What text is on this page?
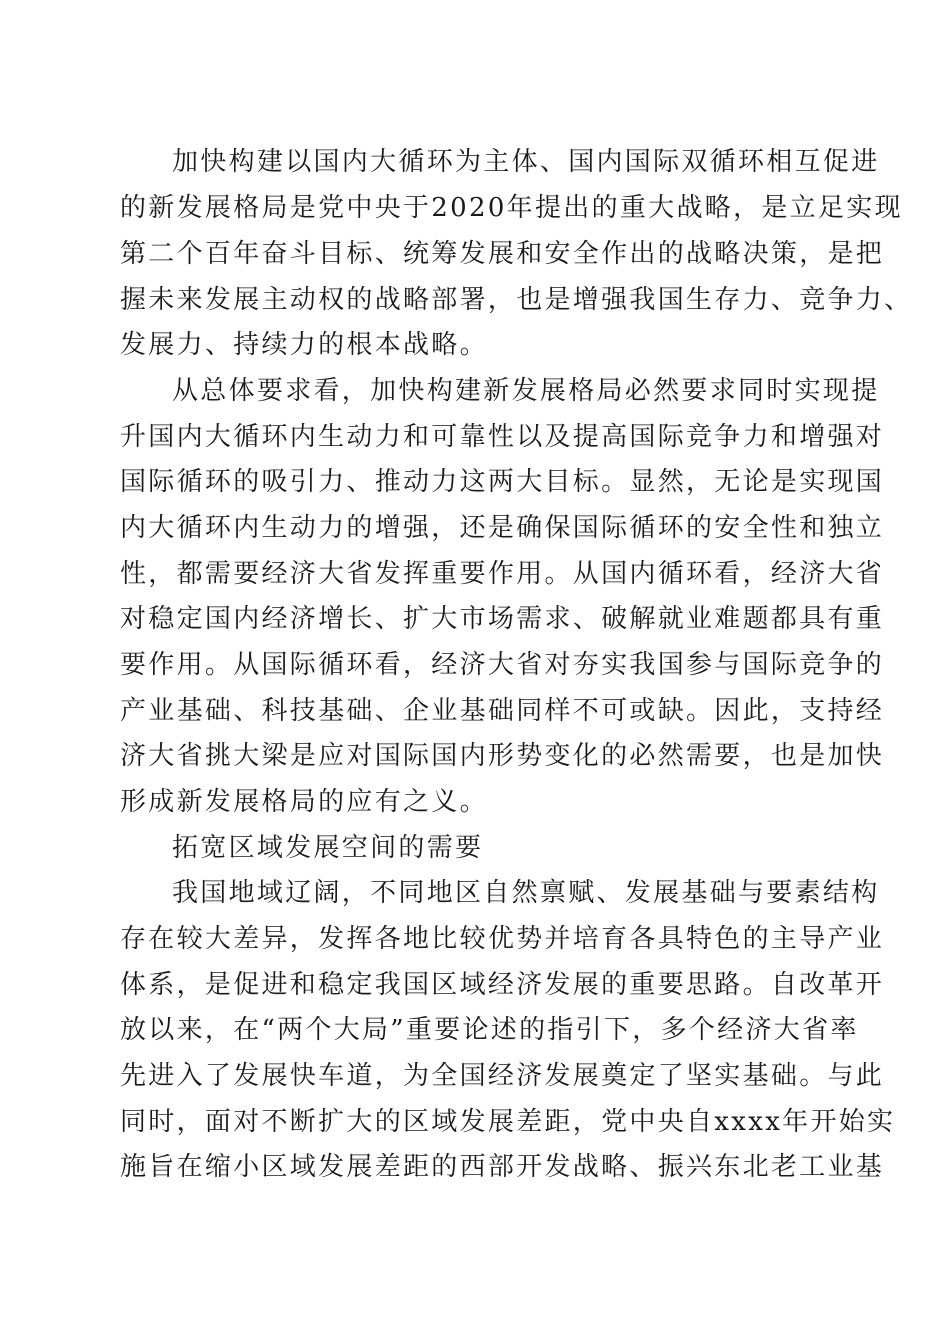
加快构建以国内大循环为主体、国内国际双循环相互促进
的新发展格局是党中央于2020年提出的重大战略，是立足实现
第二个百年奋斗目标、统筹发展和安全作出的战略决策，是把
握未来发展主动权的战略部署，也是增强我国生存力、竞争力、
发展力、持续力的根本战略。
从总体要求看，加快构建新发展格局必然要求同时实现提
升国内大循环内生动力和可靠性以及提高国际竞争力和增强对
国际循环的吸引力、推动力这两大目标。显然，无论是实现国
内大循环内生动力的增强，还是确保国际循环的安全性和独立
性，都需要经济大省发挥重要作用。从国内循环看，经济大省
对稳定国内经济增长、扩大市场需求、破解就业难题都具有重
要作用。从国际循环看，经济大省对夯实我国参与国际竞争的
产业基础、科技基础、企业基础同样不可或缺。因此，支持经
济大省挑大梁是应对国际国内形势变化的必然需要，也是加快
形成新发展格局的应有之义。
拓宽区域发展空间的需要
我国地域辽阔，不同地区自然禀赋、发展基础与要素结构
存在较大差异，发挥各地比较优势并培育各具特色的主导产业
体系，是促进和稳定我国区域经济发展的重要思路。自改革开
放以来，在“两个大局”重要论述的指引下，多个经济大省率
先进入了发展快车道，为全国经济发展奠定了坚实基础。与此
同时，面对不断扩大的区域发展差距，党中央自xxxx年开始实
施旨在缩小区域发展差距的西部开发战略、振兴东北老工业基
